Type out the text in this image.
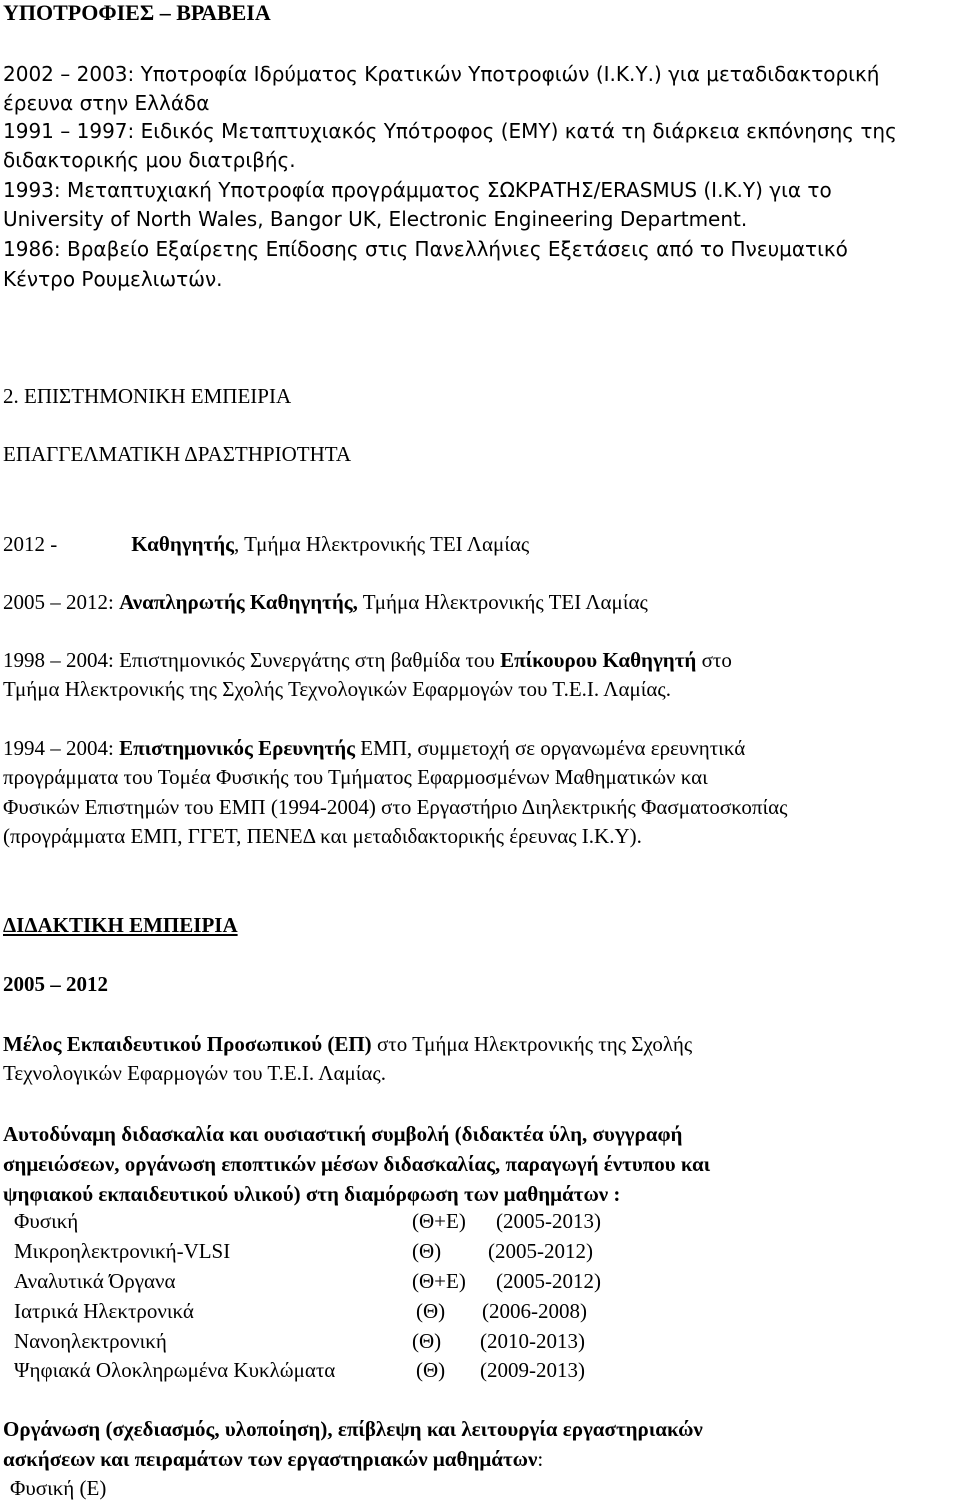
ΥΠΟΤΡΟΦΙΕΣ – ΒΡΑΒΕΙΑ
2002 – 2003: Υποτροφία Ιδρύματος Κρατικών Υποτροφιών (Ι.Κ.Υ.) για μεταδιδακτορική
έρευνα στην Ελλάδα
1991 – 1997: Ειδικός Μεταπτυχιακός Υπότροφος (ΕΜΥ) κατά τη διάρκεια εκπόνησης της
διδακτορικής μου διατριβής.
1993: Μεταπτυχιακή Υποτροφία προγράμματος ΣΩΚΡΑΤΗΣ/ERASMUS (Ι.Κ.Υ) για το
University of North Wales, Bangor UK, Electronic Engineering Department.
1986: Βραβείο Εξαίρετης Επίδοσης στις Πανελλήνιες Εξετάσεις από το Πνευματικό
Κέντρο Ρουμελιωτών.
2. ΕΠΙΣΤΗΜΟΝΙΚΗ ΕΜΠΕΙΡΙΑ
ΕΠΑΓΓΕΛΜΑΤΙΚΗ ΔΡΑΣΤΗΡΙΟΤΗΤΑ
2012 -	Καθηγητής, Τμήμα Ηλεκτρονικής ΤΕΙ Λαμίας
2005 – 2012: Αναπληρωτής Καθηγητής, Τμήμα Ηλεκτρονικής ΤΕΙ Λαμίας
1998 – 2004: Επιστημονικός Συνεργάτης στη βαθμίδα του Επίκουρου Καθηγητή στο
Τμήμα Ηλεκτρονικής της Σχολής Τεχνολογικών Εφαρμογών του Τ.Ε.Ι. Λαμίας.
1994 – 2004: Επιστημονικός Ερευνητής ΕΜΠ, συμμετοχή σε οργανωμένα ερευνητικά
προγράμματα του Τομέα Φυσικής του Τμήματος Εφαρμοσμένων Μαθηματικών και
Φυσικών Επιστημών του ΕΜΠ (1994-2004) στο Εργαστήριο Διηλεκτρικής Φασματοσκοπίας
(προγράμματα ΕΜΠ, ΓΓΕΤ, ΠΕΝΕΔ και μεταδιδακτορικής έρευνας Ι.Κ.Υ).
ΔΙΔΑΚΤΙΚΗ ΕΜΠΕΙΡΙΑ
2005 – 2012
Μέλος Εκπαιδευτικού Προσωπικού (ΕΠ) στο Τμήμα Ηλεκτρονικής της Σχολής
Τεχνολογικών Εφαρμογών του Τ.Ε.Ι. Λαμίας.
Αυτοδύναμη διδασκαλία και ουσιαστική συμβολή (διδακτέα ύλη, συγγραφή
σημειώσεων, οργάνωση εποπτικών μέσων διδασκαλίας, παραγωγή έντυπου και
ψηφιακού εκπαιδευτικού υλικού) στη διαμόρφωση των μαθημάτων :
Φυσική	(Θ+Ε) (2005-2013)
Μικροηλεκτρονική-VLSI	(Θ) (2005-2012)
Αναλυτικά Όργανα	(Θ+Ε) (2005-2012)
Ιατρικά Ηλεκτρονικά	(Θ) (2006-2008)
Νανοηλεκτρονική	(Θ) (2010-2013)
Ψηφιακά Ολοκληρωμένα Κυκλώματα	(Θ) (2009-2013)
Οργάνωση (σχεδιασμός, υλοποίηση), επίβλεψη και λειτουργία εργαστηριακών
ασκήσεων και πειραμάτων των εργαστηριακών μαθημάτων:
Φυσική (Ε)
